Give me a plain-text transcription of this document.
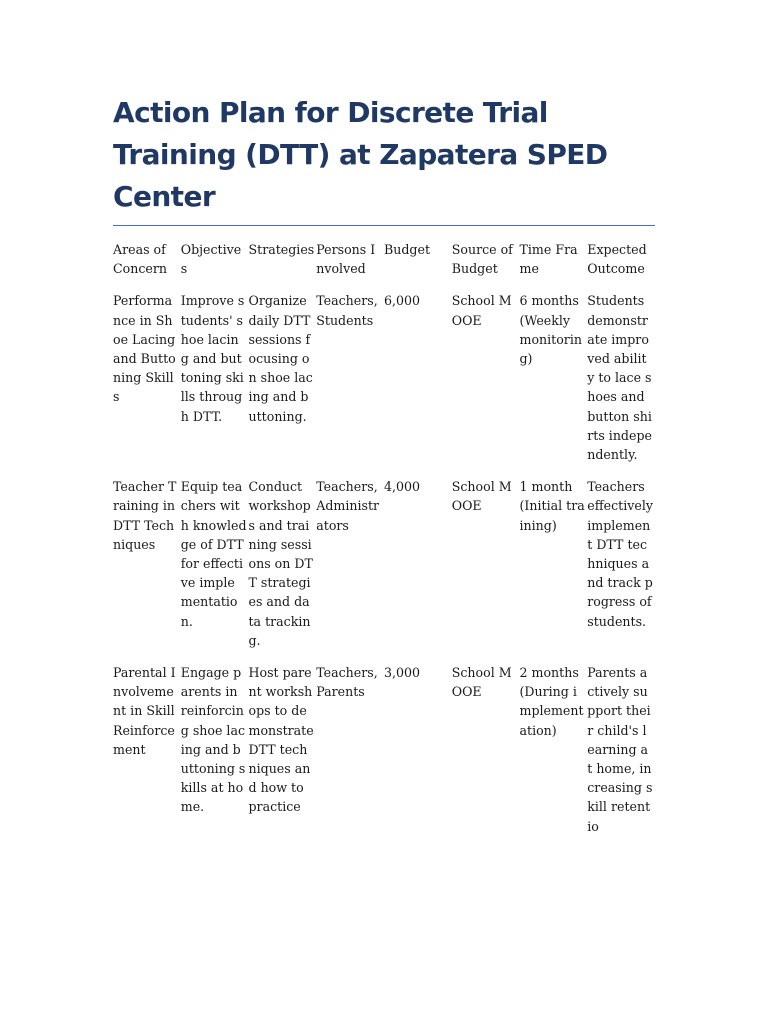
Action Plan for Discrete Trial Training (DTT) at Zapatera SPED Center
Areas of Concern	Objectives	Strategies	Persons Involved	Budget	Source of Budget	Time Frame	Expected Outcome
Performance in Shoe Lacing and Buttoning Skills	Improve students' shoe lacing and buttoning skills through DTT.	Organize daily DTT sessions focusing on shoe lacing and buttoning.	Teachers, Students	6,000	School MOOE	6 months (Weekly monitoring)	Students demonstrate improved ability to lace shoes and button shirts independently.
Teacher Training in DTT Techniques	Equip teachers with knowledge of DTT for effective implementation.	Conduct workshops and training sessions on DTT strategies and data tracking.	Teachers, Administrators	4,000	School MOOE	1 month (Initial training)	Teachers effectively implement DTT techniques and track progress of students.
Parental Involvement in Skill Reinforcement	Engage parents in reinforcing shoe lacing and buttoning skills at home.	Host parent workshops to demonstrate DTT techniques and how to practice	Teachers, Parents	3,000	School MOOE	2 months (During implementation)	Parents actively support their child's learning at home, increasing skill retentio
